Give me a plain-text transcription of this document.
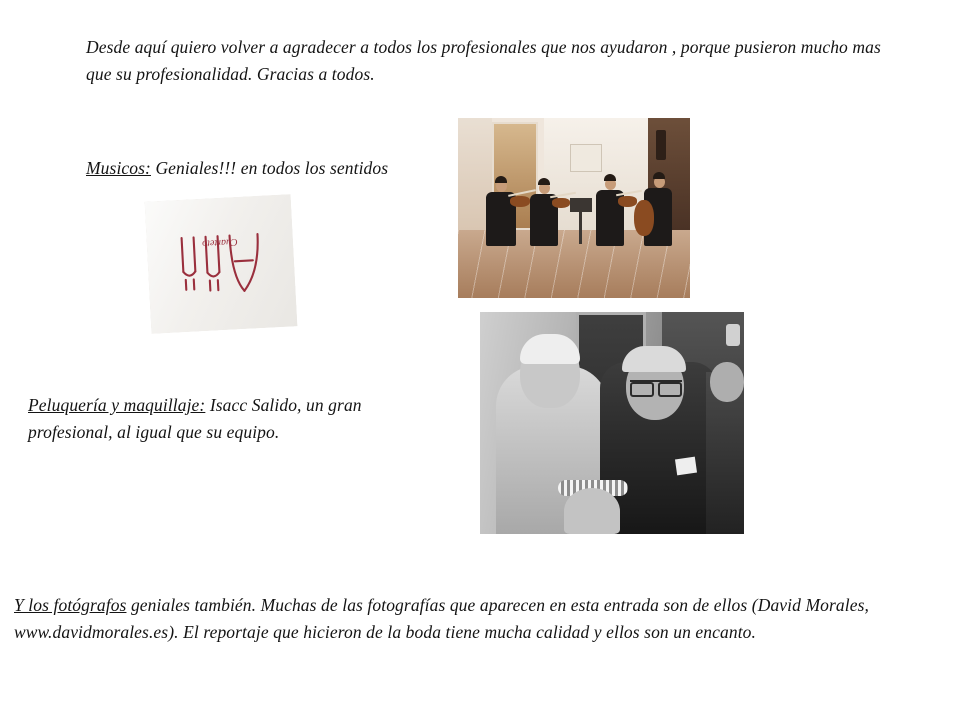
Desde aquí quiero volver a agradecer a todos los profesionales que nos ayudaron , porque pusieron mucho mas que su profesionalidad. Gracias a todos.
Musicos: Geniales!!! en todos los sentidos
Cuarteto
Peluquería y maquillaje: Isacc Salido, un gran profesional, al igual que su equipo.
Y los fotógrafos geniales también. Muchas de las fotografías que aparecen en esta entrada son de ellos (David Morales, www.davidmorales.es). El reportaje que hicieron de la boda tiene mucha calidad y ellos son un encanto.
